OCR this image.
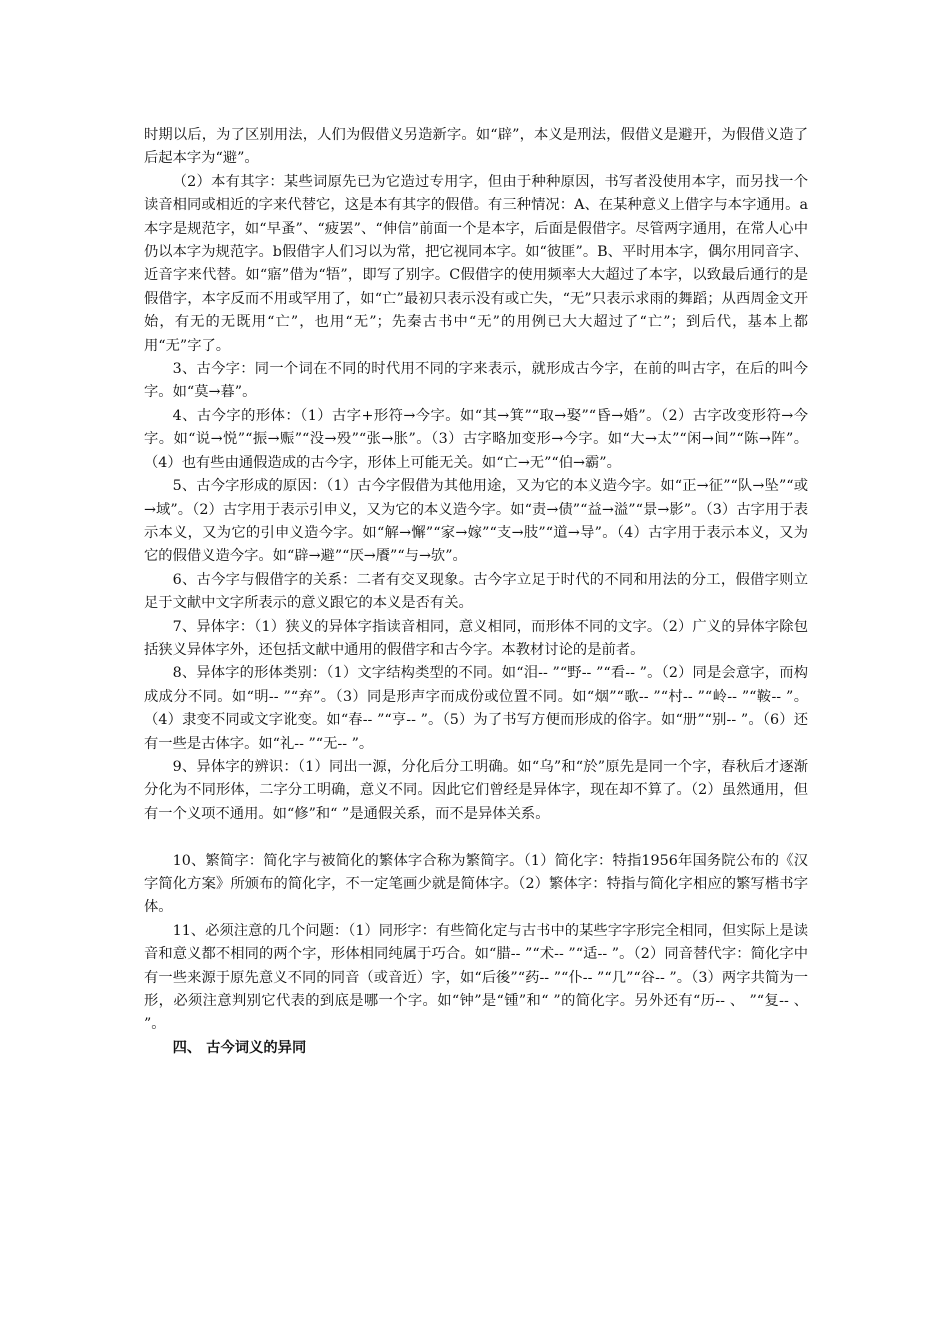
时期以后，为了区别用法，人们为假借义另造新字。如“辟”，本义是刑法，假借义是避开，为假借义造了后起本字为“避”。

（2）本有其字：某些词原先已为它造过专用字，但由于种种原因，书写者没使用本字，而另找一个读音相同或相近的字来代替它，这是本有其字的假借。有三种情况：A、在某种意义上借字与本字通用。a本字是规范字，如“早蚤”、“疲罢”、“伸信”前面一个是本字，后面是假借字。尽管两字通用，在常人心中仍以本字为规范字。b假借字人们习以为常，把它视同本字。如“彼匪”。B、平时用本字，偶尔用同音字、近音字来代替。如“寤”借为“牾”，即写了别字。C假借字的使用频率大大超过了本字，以致最后通行的是假借字，本字反而不用或罕用了，如“亡”最初只表示没有或亡失，“无”只表示求雨的舞蹈；从西周金文开始，有无的无既用“亡”，也用“无”；先秦古书中“无”的用例已大大超过了“亡”；到后代，基本上都用“无”字了。

3、古今字：同一个词在不同的时代用不同的字来表示，就形成古今字，在前的叫古字，在后的叫今字。如“莫→暮”。

4、古今字的形体：（1）古字+形符→今字。如“其→箕”“取→娶”“昏→婚”。（2）古字改变形符→今字。如“说→悦”“振→赈”“没→殁”“张→胀”。（3）古字略加变形→今字。如“大→太”“闲→间”“陈→阵”。（4）也有些由通假造成的古今字，形体上可能无关。如“亡→无”“伯→霸”。

5、古今字形成的原因：（1）古今字假借为其他用途，又为它的本义造今字。如“正→征”“队→坠”“或→域”。（2）古字用于表示引申义，又为它的本义造今字。如“责→债”“益→溢”“景→影”。（3）古字用于表示本义，又为它的引申义造今字。如“解→懈”“家→嫁”“支→肢”“道→导”。（4）古字用于表示本义，又为它的假借义造今字。如“辟→避”“厌→餍”“与→欤”。

6、古今字与假借字的关系：二者有交叉现象。古今字立足于时代的不同和用法的分工，假借字则立足于文献中文字所表示的意义跟它的本义是否有关。

7、异体字：（1）狭义的异体字指读音相同，意义相同，而形体不同的文字。（2）广义的异体字除包括狭义异体字外，还包括文献中通用的假借字和古今字。本教材讨论的是前者。

8、异体字的形体类别：（1）文字结构类型的不同。如“泪-- ”“野-- ”“看-- ”。（2）同是会意字，而构成成分不同。如“明-- ”“弃”。（3）同是形声字而成份或位置不同。如“烟”“歌-- ”“村-- ”“岭-- ”“鞍-- ”。（4）隶变不同或文字讹变。如“春-- ”“亨-- ”。（5）为了书写方便而形成的俗字。如“册”“别-- ”。（6）还有一些是古体字。如“礼-- ”“无-- ”。

9、异体字的辨识：（1）同出一源，分化后分工明确。如“乌”和“於”原先是同一个字，春秋后才逐渐分化为不同形体，二字分工明确，意义不同。因此它们曾经是异体字，现在却不算了。（2）虽然通用，但有一个义项不通用。如“修”和“ ”是通假关系，而不是异体关系。

10、繁简字：简化字与被简化的繁体字合称为繁简字。（1）简化字：特指1956年国务院公布的《汉字简化方案》所颁布的简化字，不一定笔画少就是简体字。（2）繁体字：特指与简化字相应的繁写楷书字体。

11、必须注意的几个问题：（1）同形字：有些简化定与古书中的某些字字形完全相同，但实际上是读音和意义都不相同的两个字，形体相同纯属于巧合。如“腊-- ”“术-- ”“适-- ”。（2）同音替代字：简化字中有一些来源于原先意义不同的同音（或音近）字，如“后後”“药-- ”“仆-- ”“几”“谷-- ”。（3）两字共简为一形，必须注意判别它代表的到底是哪一个字。如“钟”是“锺”和“ ”的简化字。另外还有“历-- 、 ”“复-- 、 ”。

四、 古今词义的异同
